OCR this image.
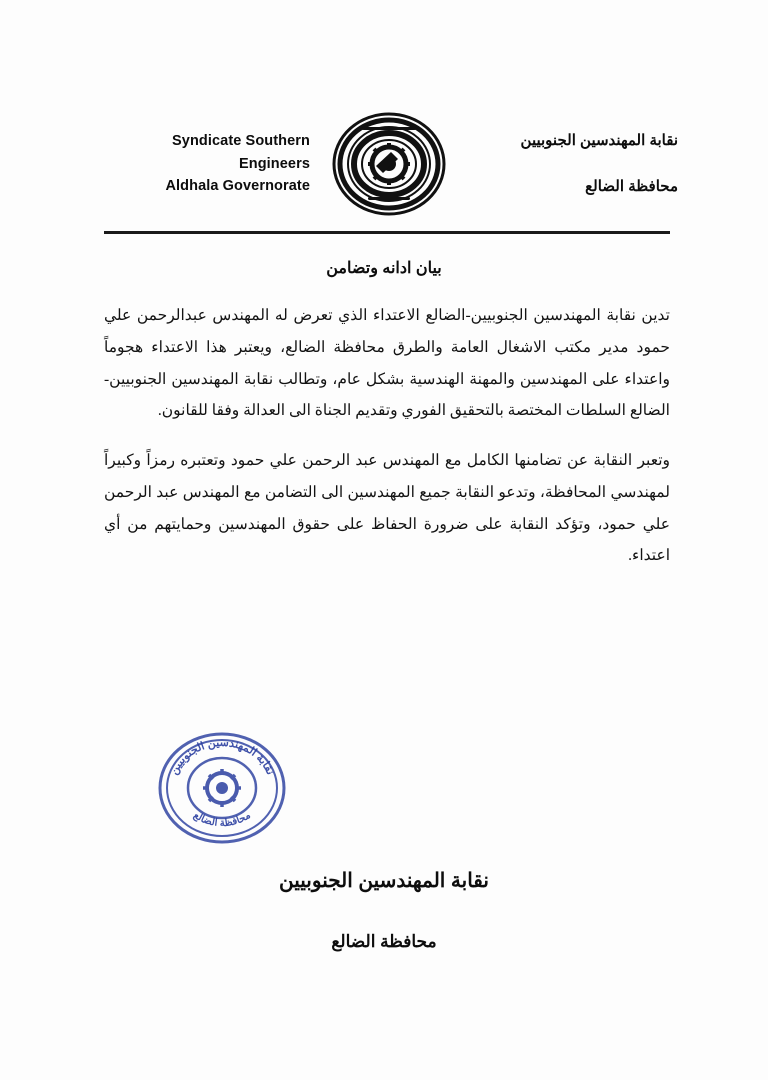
Syndicate Southern
Engineers
Aldhala Governorate
نقابة المهندسين الجنوبيين
محافظة الضالع
بيان ادانه وتضامن

تدين نقابة المهندسين الجنوبيين-الضالع الاعتداء الذي تعرض له المهندس عبدالرحمن علي حمود مدير مكتب الاشغال العامة والطرق محافظة الضالع، ويعتبر هذا الاعتداء هجوماً واعتداء على المهندسين والمهنة الهندسية بشكل عام، وتطالب نقابة المهندسين الجنوبيين-الضالع السلطات المختصة بالتحقيق الفوري وتقديم الجناة الى العدالة وفقا للقانون.

وتعبر النقابة عن تضامنها الكامل مع المهندس عبد الرحمن علي حمود وتعتبره رمزاً وكبيراً لمهندسي المحافظة، وتدعو النقابة جميع المهندسين الى التضامن مع المهندس عبد الرحمن علي حمود، وتؤكد النقابة على ضرورة الحفاظ على حقوق المهندسين وحمايتهم من أي اعتداء.

نقابة المهندسين الجنوبيين
محافظة الضالع
نقابة المهندسين الجنوبيين
محافظة الضالع
